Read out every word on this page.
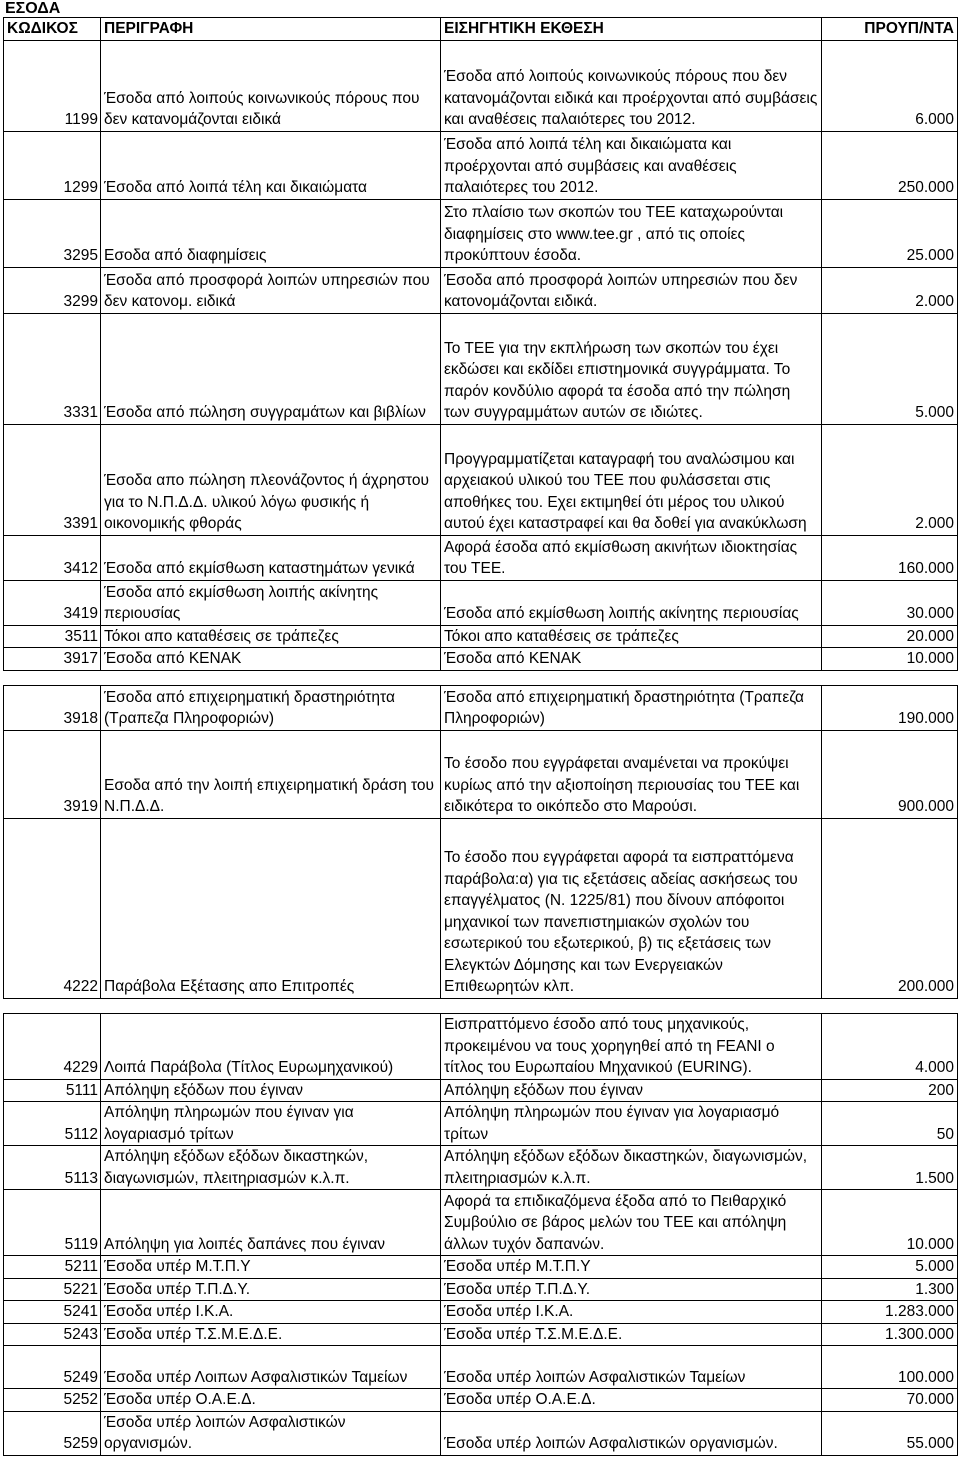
ΕΣΟΔΑ
ΚΩΔΙΚΟΣ	ΠΕΡΙΓΡΑΦΗ	ΕΙΣΗΓΗΤΙΚΗ ΕΚΘΕΣΗ	ΠΡΟΥΠ/ΝΤΑ
1199	Έσοδα από λοιπούς κοινωνικούς πόρους που δεν κατανομάζονται ειδικά	Έσοδα από λοιπούς κοινωνικούς πόρους που δεν κατανομάζονται ειδικά και προέρχονται από συμβάσεις και αναθέσεις παλαιότερες του 2012.	6.000
1299	Έσοδα από λοιπά τέλη και δικαιώματα	Έσοδα από λοιπά τέλη και δικαιώματα και προέρχονται από συμβάσεις και αναθέσεις παλαιότερες του 2012.	250.000
3295	Εσοδα από διαφημίσεις	Στο πλαίσιο των σκοπών του ΤΕΕ καταχωρούνται διαφημίσεις στο www.tee.gr , από τις οποίες προκύπτουν έσοδα.	25.000
3299	Έσοδα από προσφορά λοιπών υπηρεσιών που δεν κατονομ. ειδικά	Έσοδα από προσφορά λοιπών υπηρεσιών που δεν κατονομάζονται ειδικά.	2.000
3331	Έσοδα από πώληση συγγραμάτων και βιβλίων	Το ΤΕΕ για την εκπλήρωση των σκοπών του έχει εκδώσει και εκδίδει επιστημονικά συγγράμματα. Το παρόν κονδύλιο αφορά τα έσοδα από την πώληση των συγγραμμάτων αυτών σε ιδιώτες.	5.000
3391	Έσοδα απο πώληση πλεονάζοντος ή άχρηστου για το Ν.Π.Δ.Δ. υλικού λόγω φυσικής ή οικονομικής φθοράς	Προγγραμματίζεται καταγραφή του αναλώσιμου και αρχειακού υλικού του ΤΕΕ που φυλάσσεται στις αποθήκες του. Εχει εκτιμηθεί ότι μέρος του υλικού αυτού έχει καταστραφεί και θα δοθεί για ανακύκλωση	2.000
3412	Έσοδα από εκμίσθωση καταστημάτων γενικά	Αφορά έσοδα από εκμίσθωση ακινήτων ιδιοκτησίας του ΤΕΕ.	160.000
3419	Έσοδα από εκμίσθωση λοιπής ακίνητης περιουσίας	Έσοδα από εκμίσθωση λοιπής ακίνητης περιουσίας	30.000
3511	Τόκοι απο καταθέσεις σε τράπεζες	Τόκοι απο καταθέσεις σε τράπεζες	20.000
3917	Έσοδα από ΚΕΝΑΚ	Έσοδα από ΚΕΝΑΚ	10.000

3918	Έσοδα από επιχειρηματική δραστηριότητα (Τραπεζα Πληροφοριών)	Έσοδα από επιχειρηματική δραστηριότητα (Τραπεζα Πληροφοριών)	190.000
3919	Εσοδα από την λοιπή επιχειρηματική δράση του Ν.Π.Δ.Δ.	Το έσοδο που εγγράφεται αναμένεται να προκύψει κυρίως από την αξιοποίηση περιουσίας του ΤΕΕ και ειδικότερα το οικόπεδο στο Μαρούσι.	900.000
4222	Παράβολα Εξέτασης απο Επιτροπές	Το έσοδο που εγγράφεται αφορά τα εισπραττόμενα παράβολα:α) για τις εξετάσεις αδείας ασκήσεως του επαγγέλματος (Ν. 1225/81) που δίνουν απόφοιτοι μηχανικοί των πανεπιστημιακών σχολών του εσωτερικού του εξωτερικού, β) τις εξετάσεις των Ελεγκτών Δόμησης και των Ενεργειακών Επιθεωρητών κλπ.	200.000

4229	Λοιπά Παράβολα (Τίτλος Ευρωμηχανικού)	Εισπραττόμενο έσοδο από τους μηχανικούς, προκειμένου να τους χορηγηθεί από τη FEANI ο τίτλος του Ευρωπαίου Μηχανικού (EURING).	4.000
5111	Απόληψη εξόδων που έγιναν	Απόληψη εξόδων που έγιναν	200
5112	Απόληψη πληρωμών που έγιναν για λογαριασμό τρίτων	Απόληψη πληρωμών που έγιναν για λογαριασμό τρίτων	50
5113	Απόληψη εξόδων εξόδων δικαστηκών, διαγωνισμών, πλειτηριασμών κ.λ.π.	Απόληψη εξόδων εξόδων δικαστηκών, διαγωνισμών, πλειτηριασμών κ.λ.π.	1.500
5119	Απόληψη για λοιπές δαπάνες που έγιναν	Αφορά τα επιδικαζόμενα έξοδα από το Πειθαρχικό Συμβούλιο σε βάρος μελών του ΤΕΕ και απόληψη άλλων τυχόν δαπανών.	10.000
5211	Έσοδα υπέρ Μ.Τ.Π.Υ	Έσοδα υπέρ Μ.Τ.Π.Υ	5.000
5221	Έσοδα υπέρ Τ.Π.Δ.Υ.	Έσοδα υπέρ Τ.Π.Δ.Υ.	1.300
5241	Έσοδα υπέρ Ι.Κ.Α.	Έσοδα υπέρ Ι.Κ.Α.	1.283.000
5243	Έσοδα υπέρ Τ.Σ.Μ.Ε.Δ.Ε.	Έσοδα υπέρ Τ.Σ.Μ.Ε.Δ.Ε.	1.300.000
5249	Έσοδα υπέρ Λοιπων Ασφαλιστικών Ταμείων	Έσοδα υπέρ λοιπών Ασφαλιστικών Ταμείων	100.000
5252	Έσοδα υπέρ Ο.Α.Ε.Δ.	Έσοδα υπέρ Ο.Α.Ε.Δ.	70.000
5259	Έσοδα υπέρ λοιπών Ασφαλιστικών οργανισμών.	Έσοδα υπέρ λοιπών Ασφαλιστικών οργανισμών.	55.000
